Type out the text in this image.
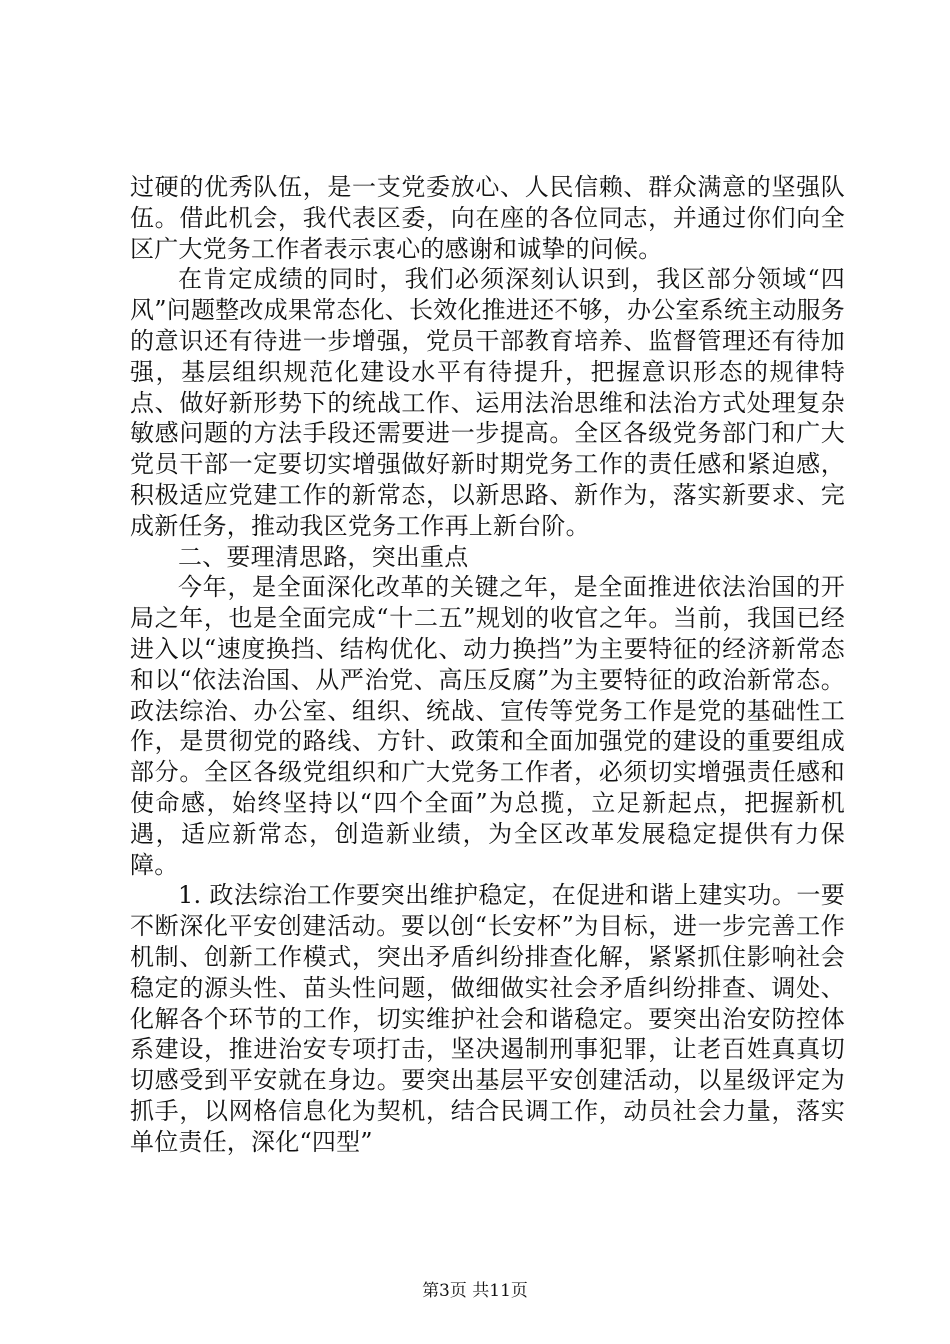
过硬的优秀队伍，是一支党委放心、人民信赖、群众满意的坚强队伍。借此机会，我代表区委，向在座的各位同志，并通过你们向全区广大党务工作者表示衷心的感谢和诚挚的问候。

在肯定成绩的同时，我们必须深刻认识到，我区部分领域“四风”问题整改成果常态化、长效化推进还不够，办公室系统主动服务的意识还有待进一步增强，党员干部教育培养、监督管理还有待加强，基层组织规范化建设水平有待提升，把握意识形态的规律特点、做好新形势下的统战工作、运用法治思维和法治方式处理复杂敏感问题的方法手段还需要进一步提高。全区各级党务部门和广大党员干部一定要切实增强做好新时期党务工作的责任感和紧迫感，积极适应党建工作的新常态，以新思路、新作为，落实新要求、完成新任务，推动我区党务工作再上新台阶。

二、要理清思路，突出重点

今年，是全面深化改革的关键之年，是全面推进依法治国的开局之年，也是全面完成“十二五”规划的收官之年。当前，我国已经进入以“速度换挡、结构优化、动力换挡”为主要特征的经济新常态和以“依法治国、从严治党、高压反腐”为主要特征的政治新常态。政法综治、办公室、组织、统战、宣传等党务工作是党的基础性工作，是贯彻党的路线、方针、政策和全面加强党的建设的重要组成部分。全区各级党组织和广大党务工作者，必须切实增强责任感和使命感，始终坚持以“四个全面”为总揽，立足新起点，把握新机遇，适应新常态，创造新业绩，为全区改革发展稳定提供有力保障。

1. 政法综治工作要突出维护稳定，在促进和谐上建实功。一要不断深化平安创建活动。要以创“长安杯”为目标，进一步完善工作机制、创新工作模式，突出矛盾纠纷排查化解，紧紧抓住影响社会稳定的源头性、苗头性问题，做细做实社会矛盾纠纷排查、调处、化解各个环节的工作，切实维护社会和谐稳定。要突出治安防控体系建设，推进治安专项打击，坚决遏制刑事犯罪，让老百姓真真切切感受到平安就在身边。要突出基层平安创建活动，以星级评定为抓手，以网格信息化为契机，结合民调工作，动员社会力量，落实单位责任，深化“四型”

第3页 共11页
